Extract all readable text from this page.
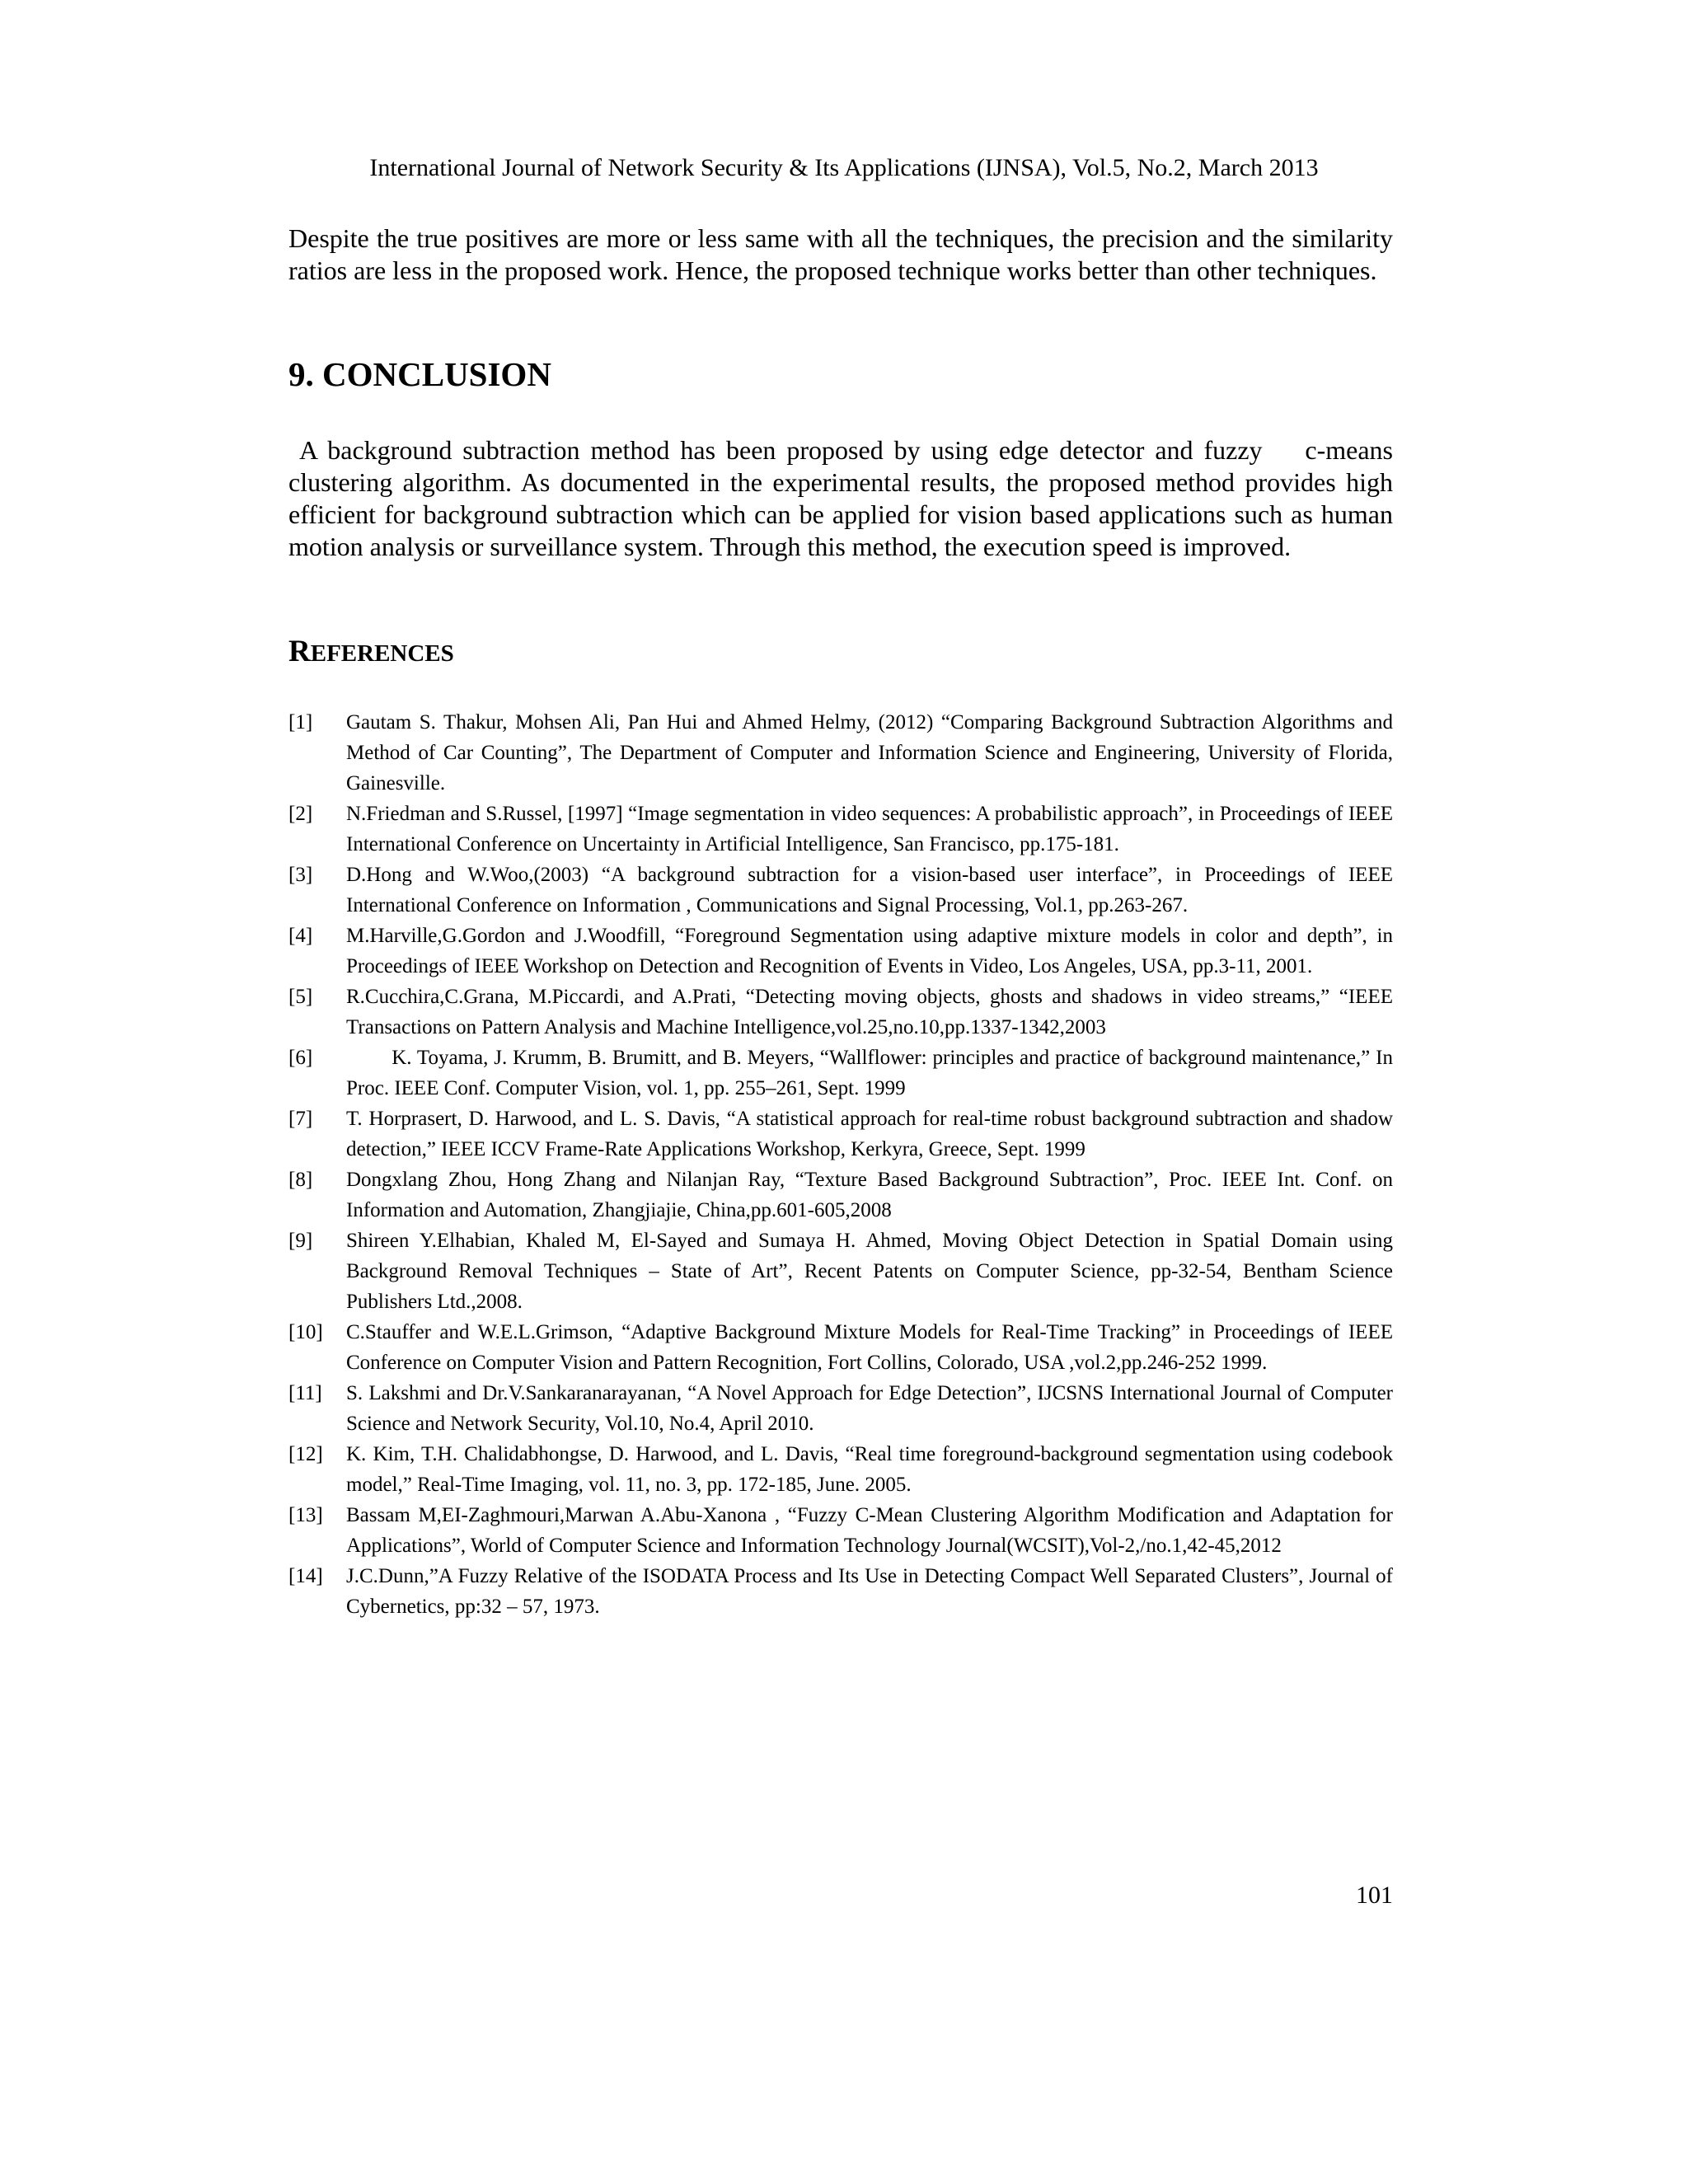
International Journal of Network Security & Its Applications (IJNSA), Vol.5, No.2, March 2013

Despite the true positives are more or less same with all the techniques, the precision and the similarity ratios are less in the proposed work. Hence, the proposed technique works better than other techniques.

9. CONCLUSION

A background subtraction method has been proposed by using edge detector and fuzzy    c-means clustering algorithm. As documented in the experimental results, the proposed method provides high efficient for background subtraction which can be applied for vision based applications such as human motion analysis or surveillance system. Through this method, the execution speed is improved.

REFERENCES
[1]	Gautam S. Thakur, Mohsen Ali, Pan Hui and Ahmed Helmy, (2012) “Comparing Background Subtraction Algorithms and Method of Car Counting”, The Department of Computer and Information Science and Engineering, University of Florida, Gainesville.
[2]	N.Friedman and S.Russel, [1997] “Image segmentation in video sequences: A probabilistic approach”, in Proceedings of IEEE International Conference on Uncertainty in Artificial Intelligence, San Francisco, pp.175-181.
[3]	D.Hong and W.Woo,(2003) “A background subtraction for a vision-based user interface”, in Proceedings of IEEE International Conference on Information , Communications and Signal Processing, Vol.1, pp.263-267.
[4]	M.Harville,G.Gordon and J.Woodfill, “Foreground Segmentation using adaptive mixture models in color and depth”, in Proceedings of IEEE Workshop on Detection and Recognition of Events in Video, Los Angeles, USA, pp.3-11, 2001.
[5]	R.Cucchira,C.Grana, M.Piccardi, and A.Prati, “Detecting moving objects, ghosts and shadows in video streams,” “IEEE Transactions on Pattern Analysis and Machine Intelligence,vol.25,no.10,pp.1337-1342,2003
[6]	K. Toyama, J. Krumm, B. Brumitt, and B. Meyers, “Wallflower: principles and practice of background maintenance,” In Proc. IEEE Conf. Computer Vision, vol. 1, pp. 255–261, Sept. 1999
[7]	T. Horprasert, D. Harwood, and L. S. Davis, “A statistical approach for real-time robust background subtraction and shadow detection,” IEEE ICCV Frame-Rate Applications Workshop, Kerkyra, Greece, Sept. 1999
[8]	Dongxlang Zhou, Hong Zhang and Nilanjan Ray, “Texture Based Background Subtraction”, Proc. IEEE Int. Conf. on Information and Automation, Zhangjiajie, China,pp.601-605,2008
[9]	Shireen Y.Elhabian, Khaled M, El-Sayed and Sumaya H. Ahmed, Moving Object Detection in Spatial Domain using Background Removal Techniques – State of Art”, Recent Patents on Computer Science, pp-32-54, Bentham Science Publishers Ltd.,2008.
[10]	C.Stauffer and W.E.L.Grimson, “Adaptive Background Mixture Models for Real-Time Tracking” in Proceedings of IEEE Conference on Computer Vision and Pattern Recognition, Fort Collins, Colorado, USA ,vol.2,pp.246-252 1999.
[11]	S. Lakshmi and Dr.V.Sankaranarayanan, “A Novel Approach for Edge Detection”, IJCSNS International Journal of Computer Science and Network Security, Vol.10, No.4, April 2010.
[12]	K. Kim, T.H. Chalidabhongse, D. Harwood, and L. Davis, “Real time foreground-background segmentation using codebook model,” Real-Time Imaging, vol. 11, no. 3, pp. 172-185, June. 2005.
[13]	Bassam M,EI-Zaghmouri,Marwan A.Abu-Xanona , “Fuzzy C-Mean Clustering Algorithm Modification and Adaptation for Applications”, World of Computer Science and Information Technology Journal(WCSIT),Vol-2,/no.1,42-45,2012
[14]	J.C.Dunn,”A Fuzzy Relative of the ISODATA Process and Its Use in Detecting Compact Well Separated Clusters”, Journal of Cybernetics, pp:32 – 57, 1973.
101
